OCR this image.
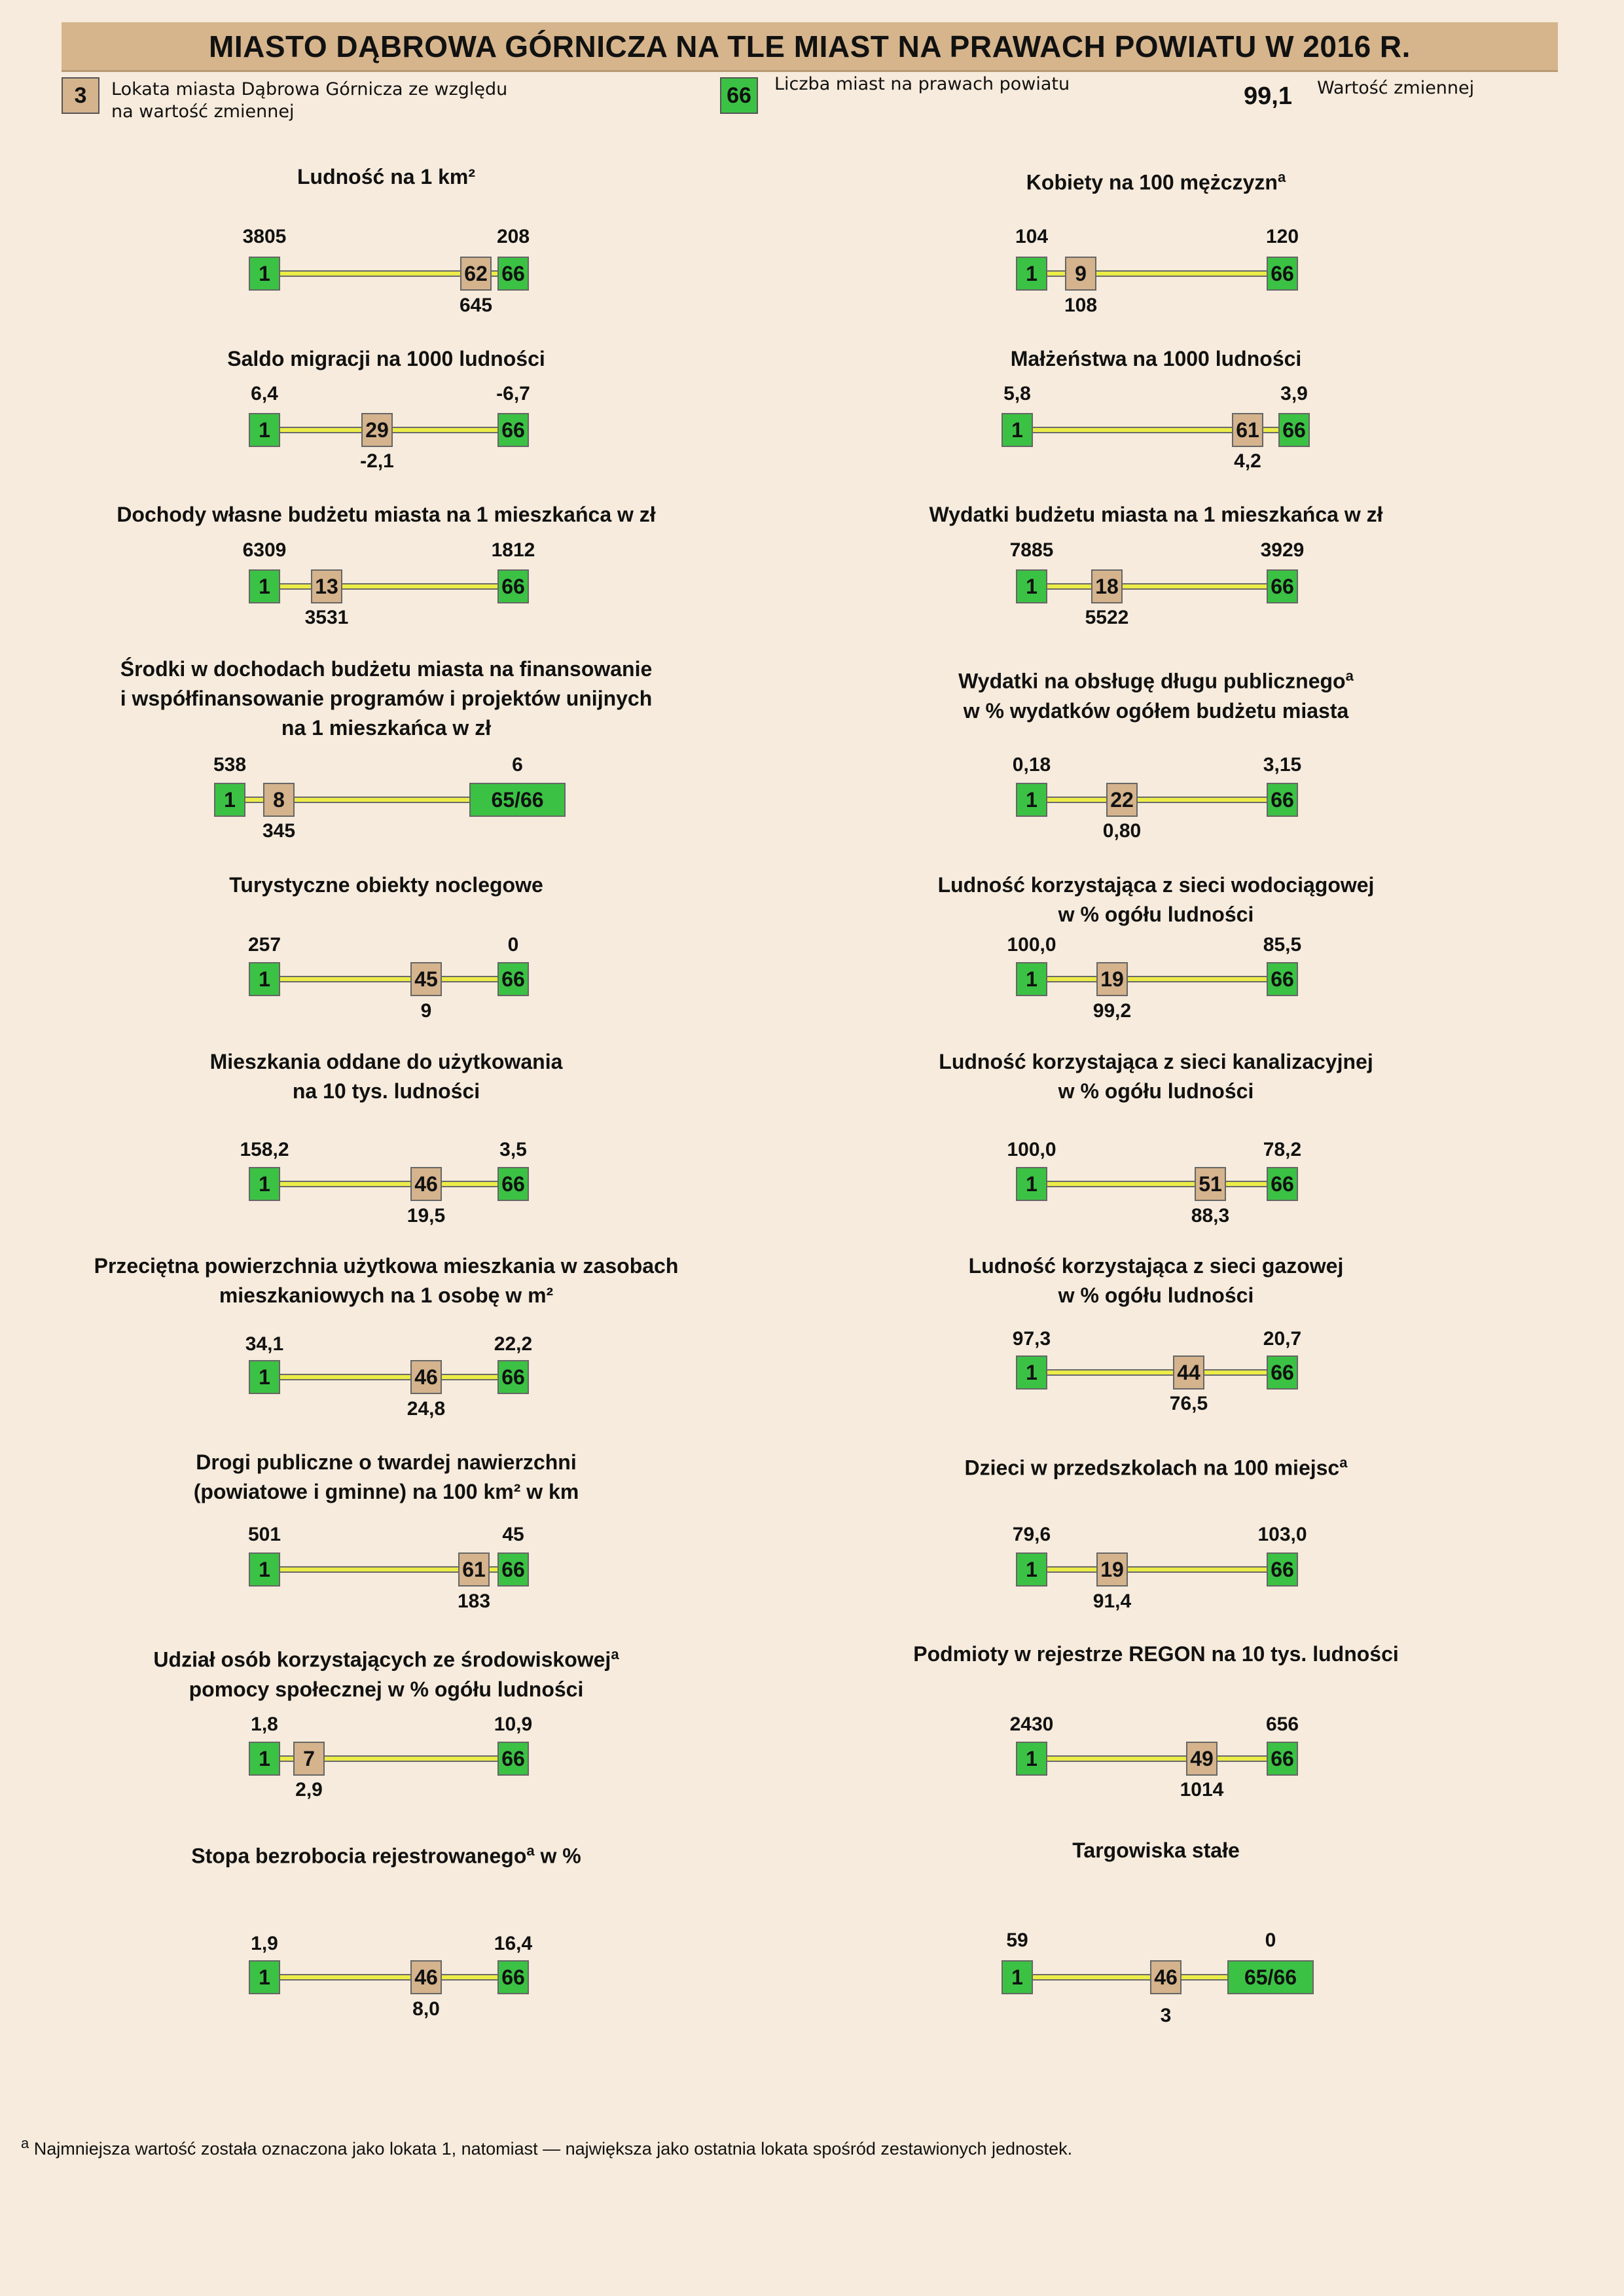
MIASTO DĄBROWA GÓRNICZA NA TLE MIAST NA PRAWACH POWIATU W 2016 R.
3	Lokata miasta Dąbrowa Górnicza ze względu
na wartość zmiennej
66	Liczba miast na prawach powiatu	99,1 Wartość zmiennej
Ludność na 1 km²
3805	208
1	62 66
645
Kobiety na 100 mężczyzn$^a$
104	120
1	9	66
108
Saldo migracji na 1000 ludności
6,4	-6,7
1	29	66
-2,1
Małżeństwa na 1000 ludności
5,8	3,9
1	61 66
4,2
Dochody własne budżetu miasta na 1 mieszkańca w zł
6309	1812
1	13	66
3531
Wydatki budżetu miasta na 1 mieszkańca w zł
7885	3929
1	18	66
5522
Środki w dochodach budżetu miasta na finansowanie
i współfinansowanie programów i projektów unijnych
na 1 mieszkańca w zł
538	6
1	8	65/66
345
Wydatki na obsługę długu publicznego$^a$
w % wydatków ogółem budżetu miasta
0,18	3,15
1	22	66
0,80
Turystyczne obiekty noclegowe
257	0
1	45	66
9
Ludność korzystająca z sieci wodociągowej
w % ogółu ludności
100,0	85,5
1	19	66
99,2
Mieszkania oddane do użytkowania
na 10 tys. ludności
158,2	3,5
1	46	66
19,5
Ludność korzystająca z sieci kanalizacyjnej
w % ogółu ludności
100,0	78,2
1	51 66
88,3
Przeciętna powierzchnia użytkowa mieszkania w zasobach
mieszkaniowych na 1 osobę w m²
34,1	22,2
1	46	66
24,8
Ludność korzystająca z sieci gazowej
w % ogółu ludności
97,3	20,7
1	44	66
76,5
Drogi publiczne o twardej nawierzchni
(powiatowe i gminne) na 100 km² w km
501	45
1	61 66
183
Dzieci w przedszkolach na 100 miejsc$^a$
79,6	103,0
1	19	66
91,4
Udział osób korzystających ze środowiskowej$^a$
pomocy społecznej w % ogółu ludności
1,8	10,9
1	7	66
2,9
Podmioty w rejestrze REGON na 10 tys. ludności
2430	656
1	49	66
1014
Stopa bezrobocia rejestrowanego$^a$ w %
1,9	16,4
1	46	66
8,0
Targowiska stałe
59	0
1	46	65/66
3
$^a$ Najmniejsza wartość została oznaczona jako lokata 1, natomiast — największa jako ostatnia lokata spośród zestawionych jednostek.
